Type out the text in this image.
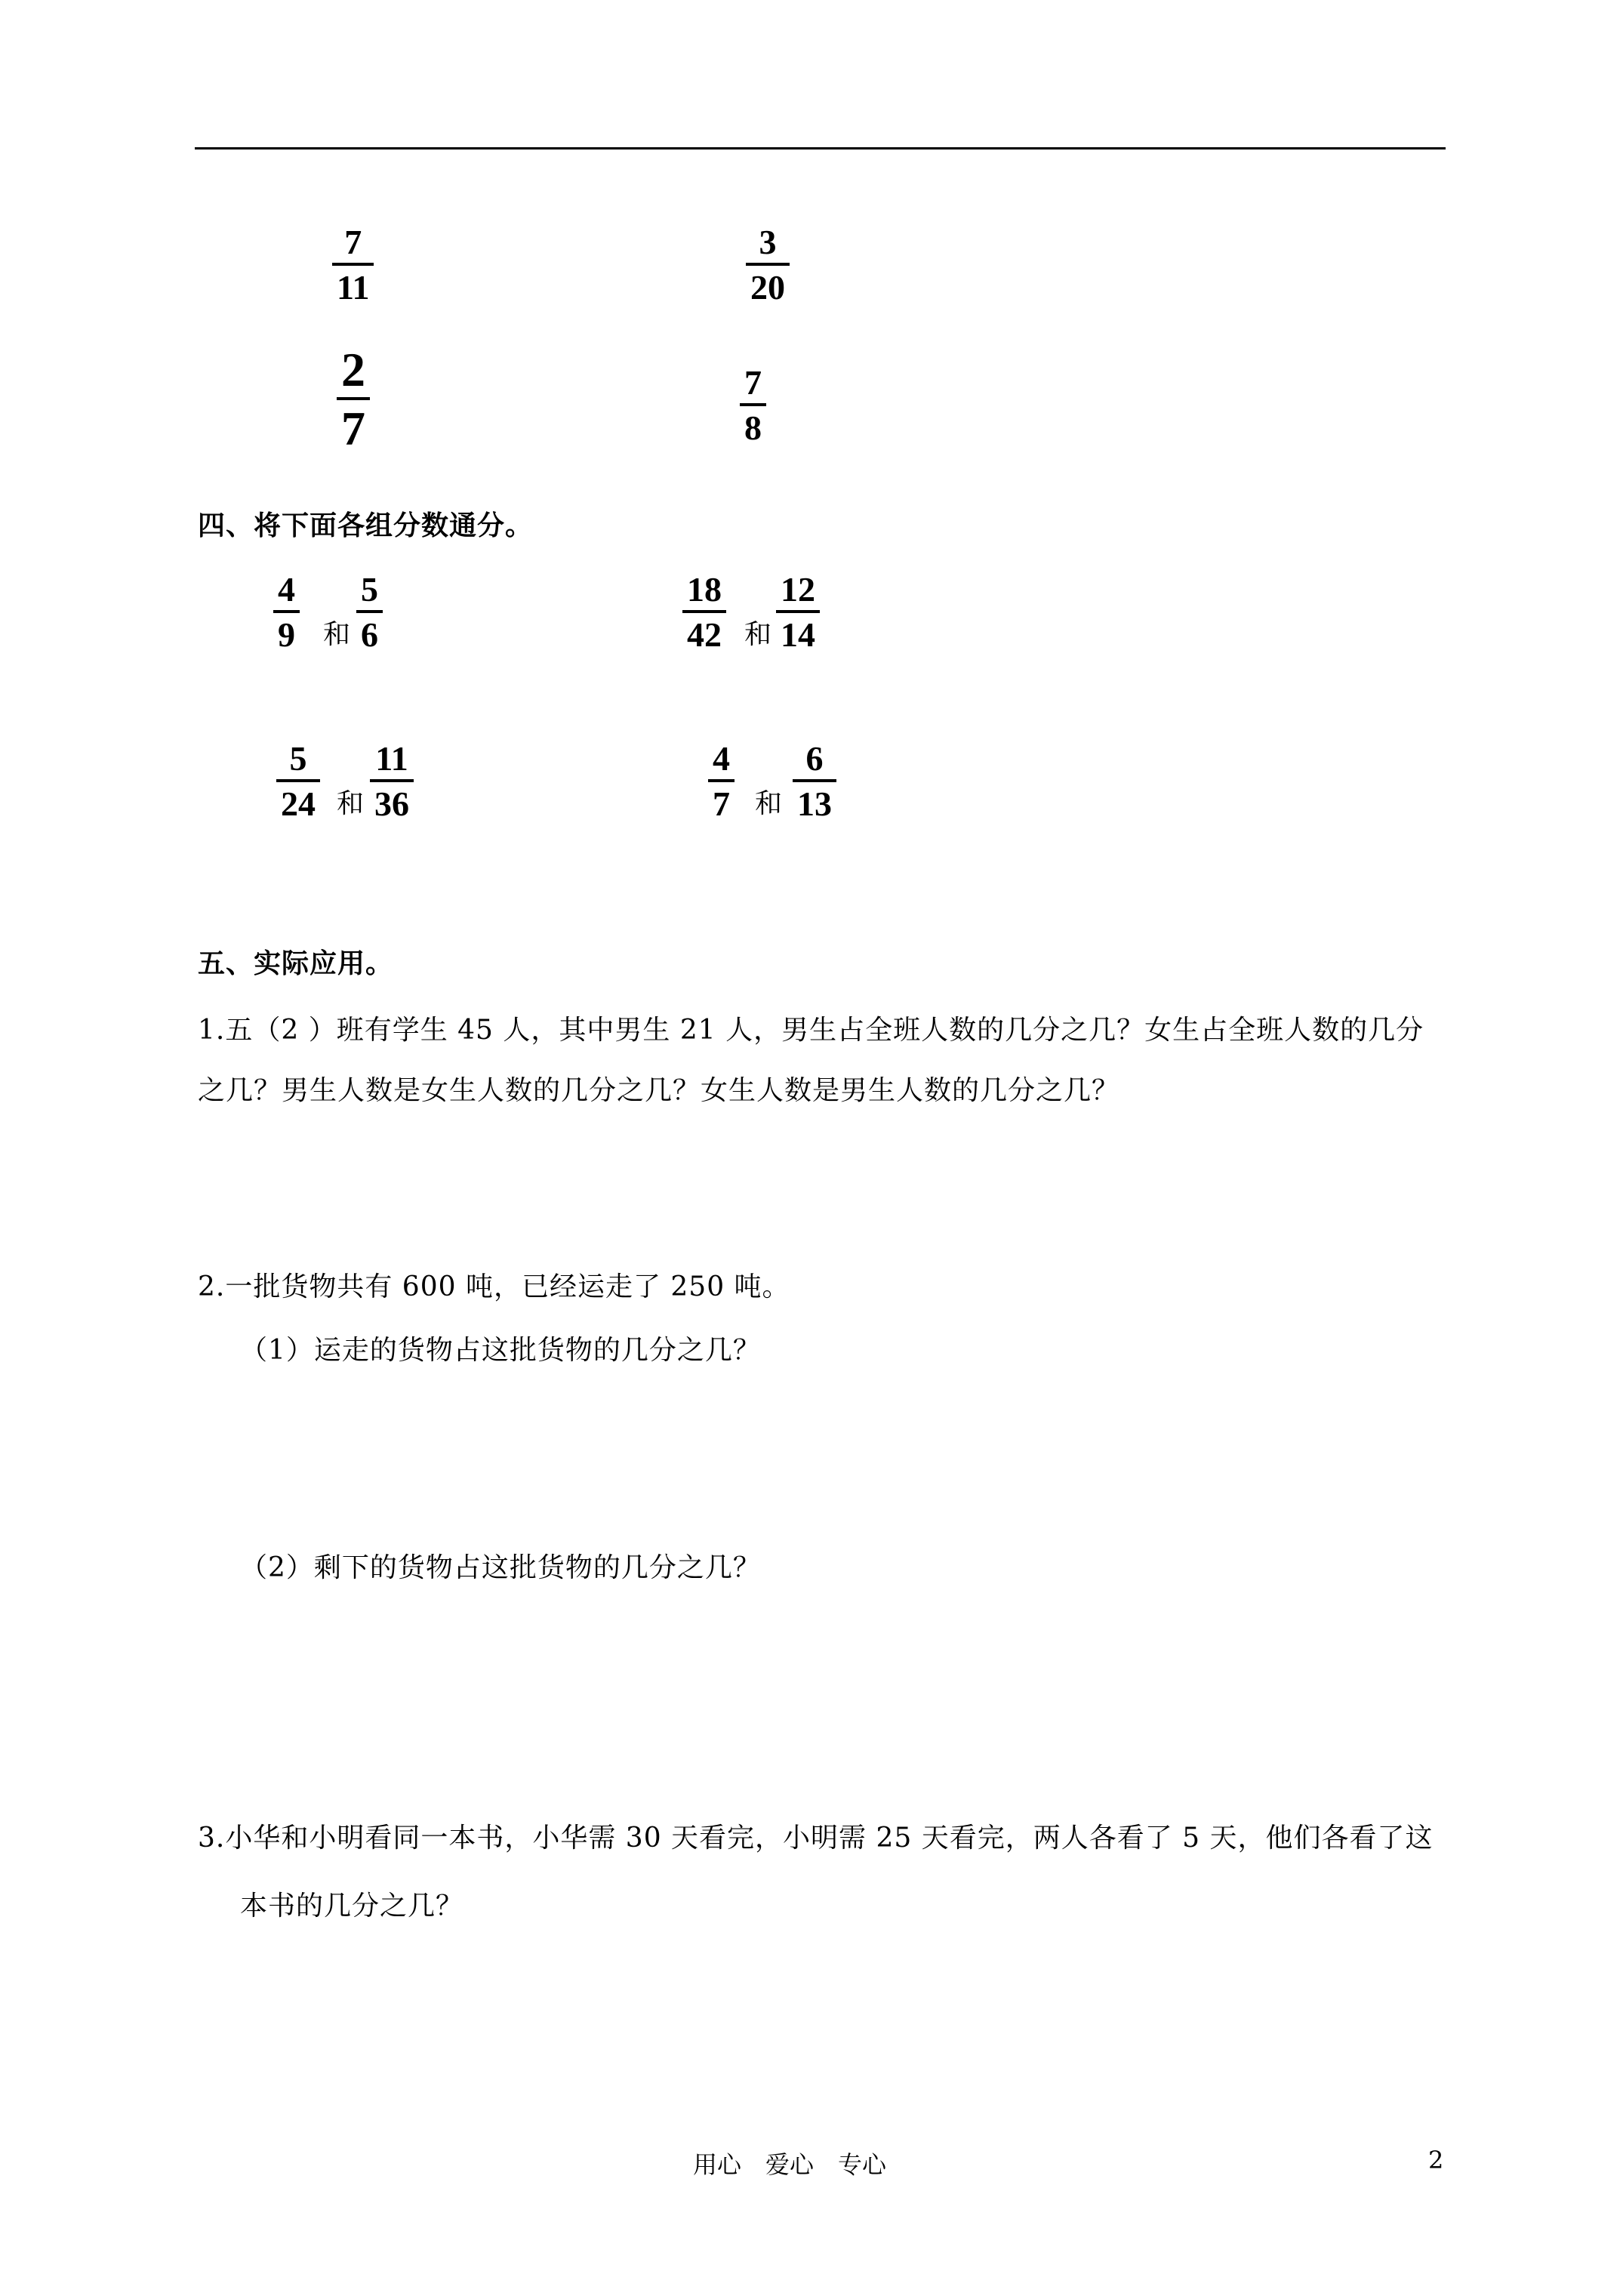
7
11
3
20
2
7
7
8
四、将下面各组分数通分。
4
9 和
5
6
18
42 和
12
14
5
24 和
11
36
4
7 和
6
13
五、实际应用。
1.五（2 ）班有学生 45 人，其中男生 21 人，男生占全班人数的几分之几？女生占全班人数的几分
之几？男生人数是女生人数的几分之几？女生人数是男生人数的几分之几？
2.一批货物共有 600 吨，已经运走了 250 吨。
（1）运走的货物占这批货物的几分之几？
（2）剩下的货物占这批货物的几分之几？
3.小华和小明看同一本书，小华需 30 天看完，小明需 25 天看完，两人各看了 5 天，他们各看了这
本书的几分之几？
用心　爱心　专心	2
